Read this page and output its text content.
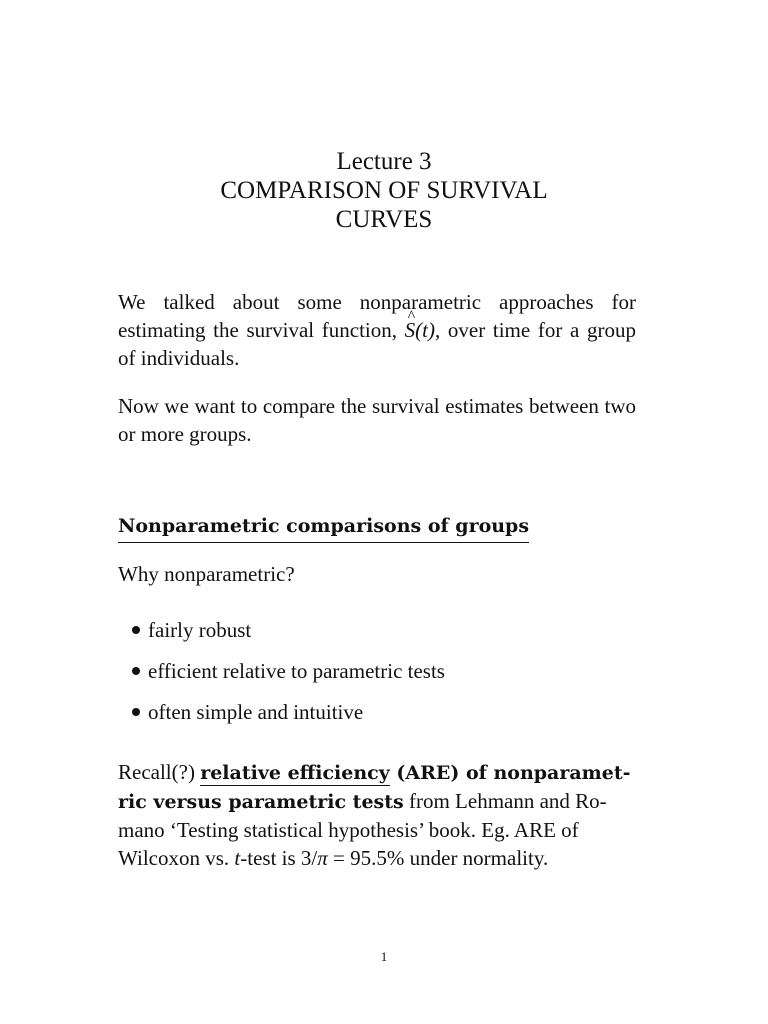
Lecture 3
COMPARISON OF SURVIVAL
CURVES

We talked about some nonparametric approaches for estimating the survival function, ^ S(t), over time for a group of individuals.

Now we want to compare the survival estimates between two or more groups.

Nonparametric comparisons of groups
Why nonparametric?
fairly robust
efficient relative to parametric tests
often simple and intuitive
Recall(?) relative efficiency (ARE) of nonparamet-
ric versus parametric tests from Lehmann and Ro-
mano ‘Testing statistical hypothesis’ book. Eg. ARE of
Wilcoxon vs. t-test is 3/π = 95.5% under normality.
1
